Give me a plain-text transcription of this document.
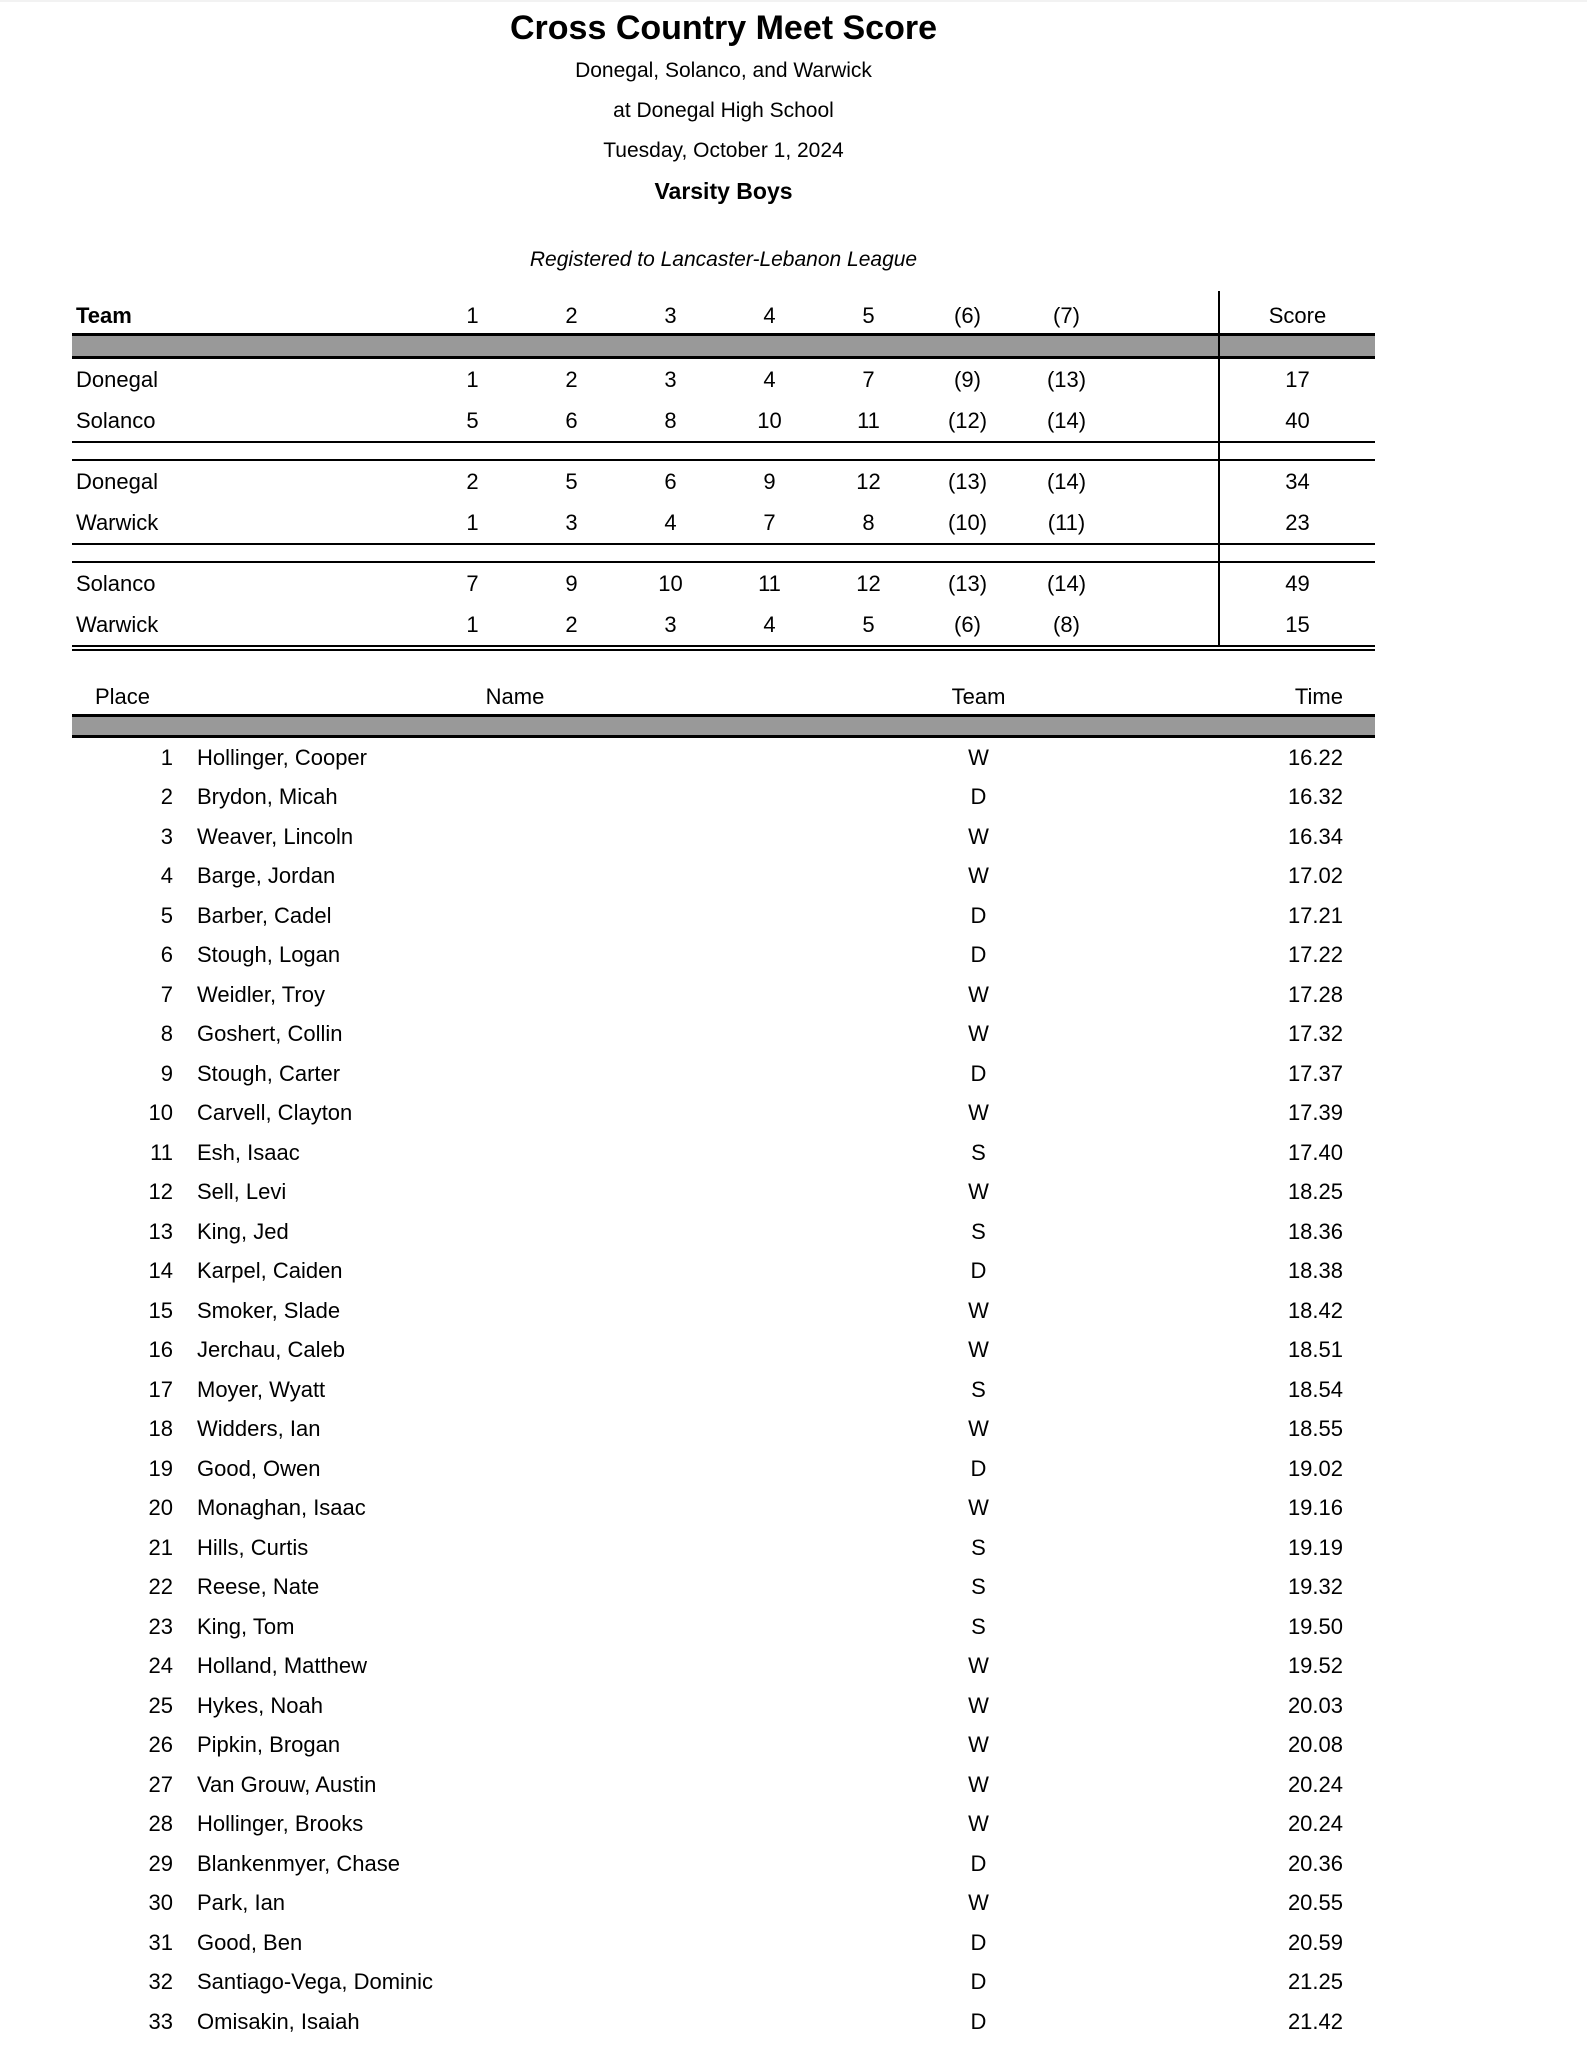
Cross Country Meet Score
Donegal, Solanco, and Warwick
at Donegal High School
Tuesday, October 1, 2024
Varsity Boys
Registered to Lancaster-Lebanon League
Team	1	2	3	4	5	(6)	(7)		Score

Donegal	1	2	3	4	7	(9)	(13)		17
Solanco	5	6	8	10	11	(12)	(14)		40

Donegal	2	5	6	9	12	(13)	(14)		34
Warwick	1	3	4	7	8	(10)	(11)		23

Solanco	7	9	10	11	12	(13)	(14)		49
Warwick	1	2	3	4	5	(6)	(8)		15
Place	Name	Team	Time

1	Hollinger, Cooper	W	16.22
2	Brydon, Micah	D	16.32
3	Weaver, Lincoln	W	16.34
4	Barge, Jordan	W	17.02
5	Barber, Cadel	D	17.21
6	Stough, Logan	D	17.22
7	Weidler, Troy	W	17.28
8	Goshert, Collin	W	17.32
9	Stough, Carter	D	17.37
10	Carvell, Clayton	W	17.39
11	Esh, Isaac	S	17.40
12	Sell, Levi	W	18.25
13	King, Jed	S	18.36
14	Karpel, Caiden	D	18.38
15	Smoker, Slade	W	18.42
16	Jerchau, Caleb	W	18.51
17	Moyer, Wyatt	S	18.54
18	Widders, Ian	W	18.55
19	Good, Owen	D	19.02
20	Monaghan, Isaac	W	19.16
21	Hills, Curtis	S	19.19
22	Reese, Nate	S	19.32
23	King, Tom	S	19.50
24	Holland, Matthew	W	19.52
25	Hykes, Noah	W	20.03
26	Pipkin, Brogan	W	20.08
27	Van Grouw, Austin	W	20.24
28	Hollinger, Brooks	W	20.24
29	Blankenmyer, Chase	D	20.36
30	Park, Ian	W	20.55
31	Good, Ben	D	20.59
32	Santiago-Vega, Dominic	D	21.25
33	Omisakin, Isaiah	D	21.42
